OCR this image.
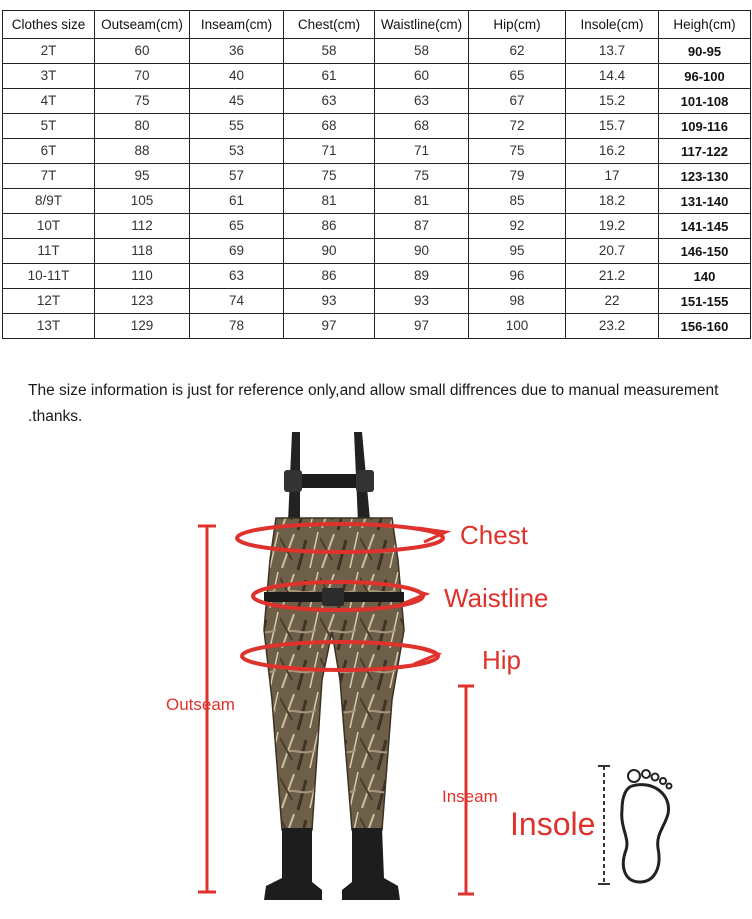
Clothes size	Outseam(cm)	Inseam(cm)	Chest(cm)	Waistline(cm)	Hip(cm)	Insole(cm)	Heigh(cm)
2T	60	36	58	58	62	13.7	90-95
3T	70	40	61	60	65	14.4	96-100
4T	75	45	63	63	67	15.2	101-108
5T	80	55	68	68	72	15.7	109-116
6T	88	53	71	71	75	16.2	117-122
7T	95	57	75	75	79	17	123-130
8/9T	105	61	81	81	85	18.2	131-140
10T	112	65	86	87	92	19.2	141-145
11T	118	69	90	90	95	20.7	146-150
10-11T	110	63	86	89	96	21.2	140
12T	123	74	93	93	98	22	151-155
13T	129	78	97	97	100	23.2	156-160

The size information is just for reference only,and allow small diffrences due to manual measurement .thanks.

Chest
Waistline
Hip
Outseam
Inseam
Insole
